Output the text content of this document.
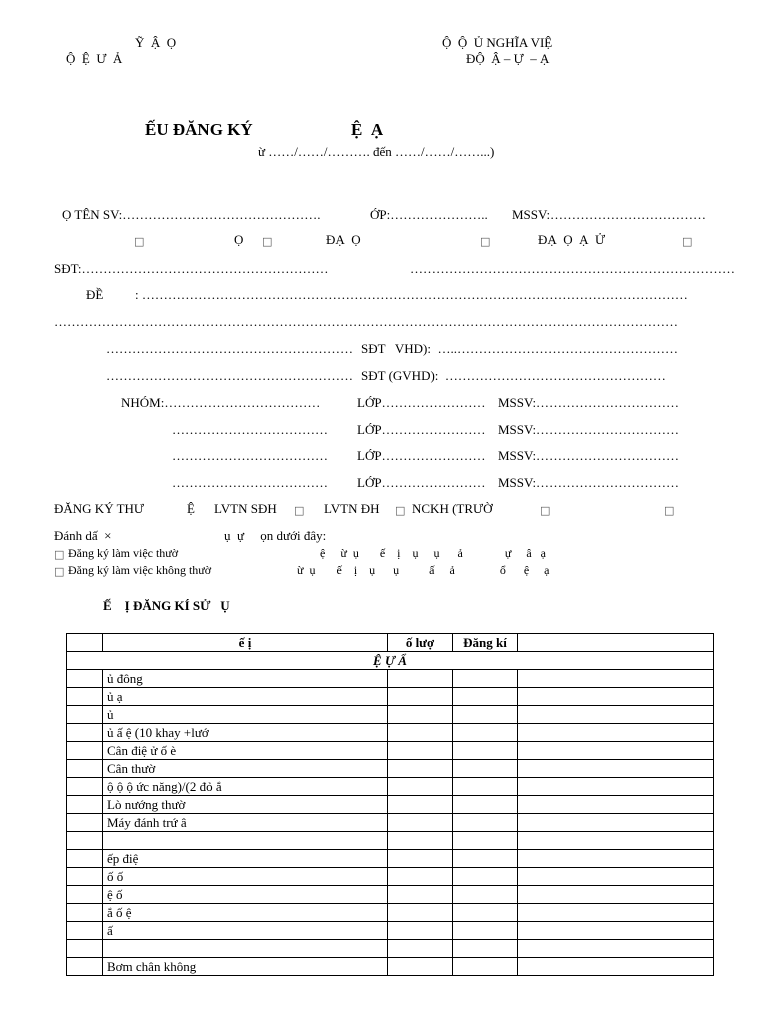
Ỹ  Ậ  Ọ
Ộ  Ệ  Ư  Ả
Ộ  Ộ  Ủ NGHĨA VIỆ
ĐỘ  Ậ – Ự  – Ạ
ẾU ĐĂNG KÝ	Ệ  Ạ
ừ ……/……/………. đến ……/……/……...)
Ọ TÊN SV:……………………………………….	ỚP:………………….. MSSV:………………………………
□	Ọ □	ĐẠ  Ọ	□	ĐẠ  Ọ  Ạ  Ử	□
SĐT:…………………………………………………	…………………………………………………………………
ĐỀ : ………………………………………………………………………………………………………………
………………………………………………………………………………………………………………………………
………………………………………………… SĐT   VHD):  …..……………………………………………
………………………………………………… SĐT (GVHD):  ……………………………………………
NHÓM:………………………………	LỚP…………………… MSSV:……………………………
……………………………… LỚP…………………… MSSV:……………………………
……………………………… LỚP…………………… MSSV:……………………………
……………………………… LỚP…………………… MSSV:……………………………
ĐĂNG KÝ THƯ	Ệ LVTN SĐH □ LVTN ĐH □ NCKH (TRƯỜ	□	□
Đánh dấ  ×	ụ  ự     ọn dưới đây:
□ Đăng ký làm việc thườ	ệ     ừ  ụ       ế    ị    ụ     ụ      ả              ự     â   ạ
□ Đăng ký làm việc không thườ	ừ  ụ       ế    ị    ụ      ụ          ấ     ả               ổ      ệ     ạ
Ế    Ị ĐĂNG KÍ SỬ   Ụ
	ế ị	ố lượ	Đăng kí	
Ệ Ự Ẩ				
	ủ đông			
	ủ ạ			
	ủ			
	ủ ấ ệ (10 khay +lướ			
	Cân điệ ử ố è			
	Cân thườ			
	ộ ộ ộ ức năng)/(2 đỏ ắ			
	Lò nướng thườ			
	Máy đánh trứ â			

	ếp điệ			
	ố ố			
	ệ ố			
	ắ ố ệ			
	ấ			

	Bơm chân không			
